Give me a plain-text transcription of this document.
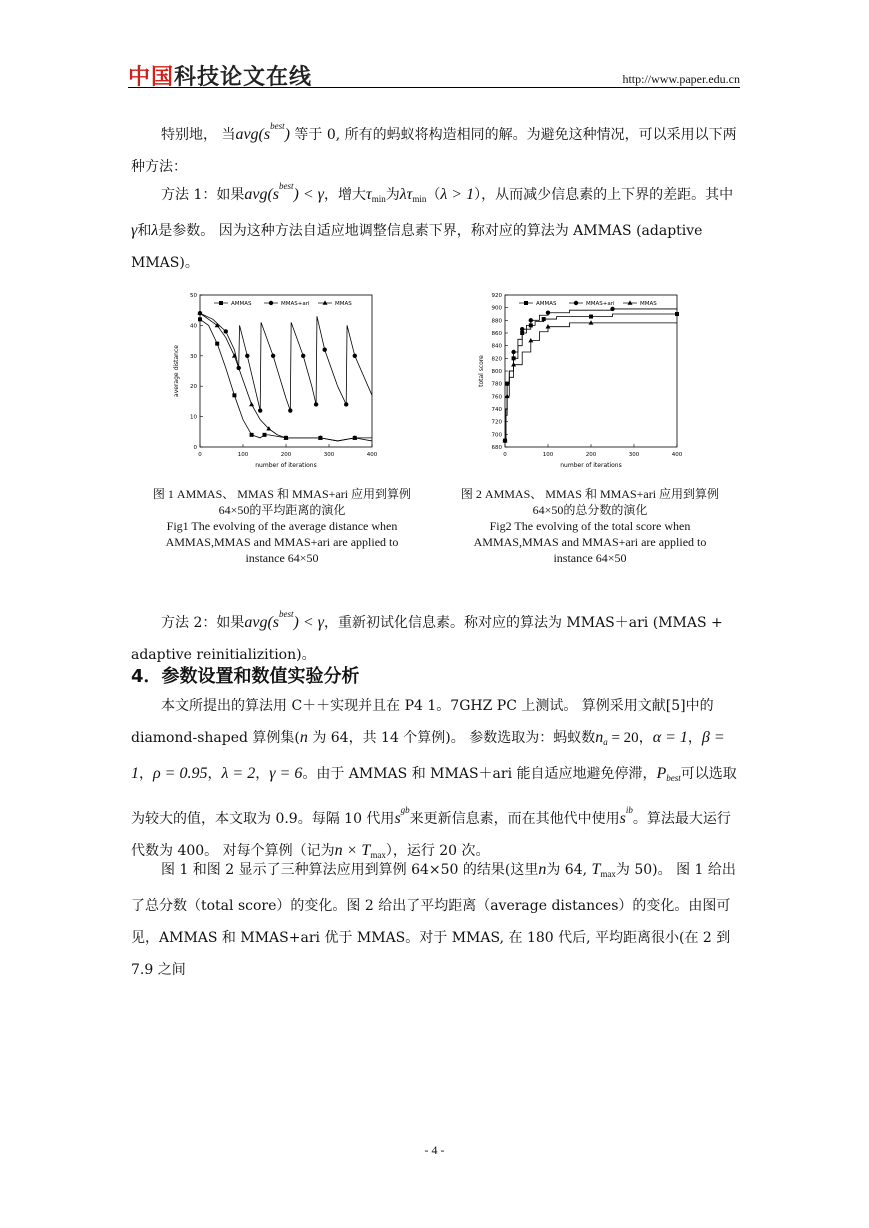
中国科技论文在线	http://www.paper.edu.cn
特别地， 当$avg(s^{best})$ 等于 0, 所有的蚂蚁将构造相同的解。为避免这种情况，可以采用以下两种方法：
方法 1：如果$avg(s^{best}) < \gamma$，增大$\tau_{min}$为$\lambda\tau_{min}(\lambda > 1)$，从而减少信息素的上下界的差距。其中γ和λ是参数。 因为这种方法自适应地调整信息素下界，称对应的算法为 AMMAS (adaptive MMAS)。
0	100	200	300	400
0
10
20
30
40
50
number of iterations
average distance
AMMAS	MMAS+ari	MMAS
图 1 AMMAS、 MMAS 和 MMAS+ari 应用到算例64×50的平均距离的演化
Fig1 The evolving of the average distance when AMMAS,MMAS and MMAS+ari are applied to instance 64×50
0	100	200	300	400
680
700
720
740
760
780
800
820
840
860
880
900
920
number of iterations
total score
AMMAS	MMAS+ari	MMAS
图 2 AMMAS、 MMAS 和 MMAS+ari 应用到算例64×50的总分数的演化
Fig2 The evolving of the total score when AMMAS,MMAS and MMAS+ari are applied to instance 64×50
方法 2：如果$avg(s^{best}) < \gamma$，重新初试化信息素。称对应的算法为 MMAS＋ari (MMAS + adaptive reinitializition)。
4．参数设置和数值实验分析
本文所提出的算法用 C＋＋实现并且在 P4 1。7GHZ PC 上测试。 算例采用文献[5]中的 diamond-shaped 算例集(n 为 64，共 14 个算例)。 参数选取为：蚂蚁数$n_a = 20$，α = 1，β = 1，ρ = 0.95，λ = 2，γ = 6。由于 AMMAS 和 MMAS＋ari 能自适应地避免停滞，$P_{best}$可以选取为较大的值，本文取为 0.9。每隔 10 代用$s^{gb}$来更新信息素，而在其他代中使用$s^{ib}$。算法最大运行代数为 400。 对每个算例（记为$n \times T_{max}$），运行 20 次。
图 1 和图 2 显示了三种算法应用到算例 64×50 的结果(这里n为 64, $T_{max}$为 50)。 图 1 给出了总分数（total score）的变化。图 2 给出了平均距离（average distances）的变化。由图可见，AMMAS 和 MMAS+ari 优于 MMAS。对于 MMAS, 在 180 代后, 平均距离很小(在 2 到 7.9 之间
- 4 -
